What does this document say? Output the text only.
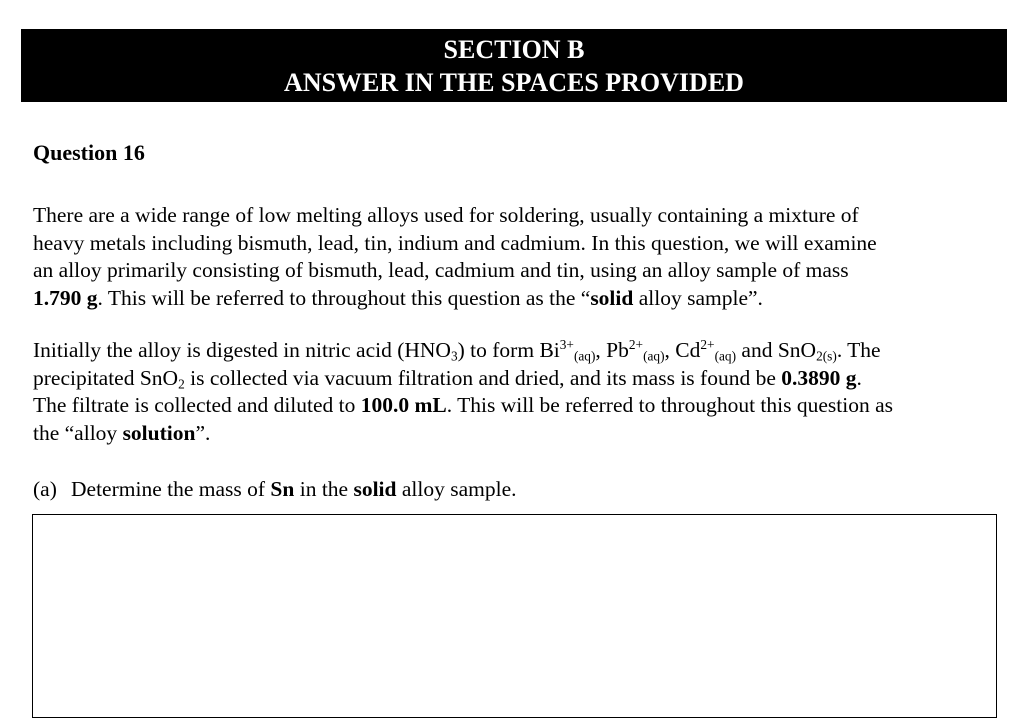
SECTION B
ANSWER IN THE SPACES PROVIDED
Question 16
There are a wide range of low melting alloys used for soldering, usually containing a mixture of
heavy metals including bismuth, lead, tin, indium and cadmium. In this question, we will examine
an alloy primarily consisting of bismuth, lead, cadmium and tin, using an alloy sample of mass
1.790 g. This will be referred to throughout this question as the “solid alloy sample”.
Initially the alloy is digested in nitric acid $(HNO_3)$ to form $Bi^{3+}_{(aq)}$, $Pb^{2+}_{(aq)}$, $Cd^{2+}_{(aq)}$ and SnO$_{2(s)}$. The
precipitated SnO$_2$ is collected via vacuum filtration and dried, and its mass is found be 0.3890 g.
The filtrate is collected and diluted to 100.0 mL. This will be referred to throughout this question as
the “alloy solution”.
(a) Determine the mass of Sn in the solid alloy sample.
